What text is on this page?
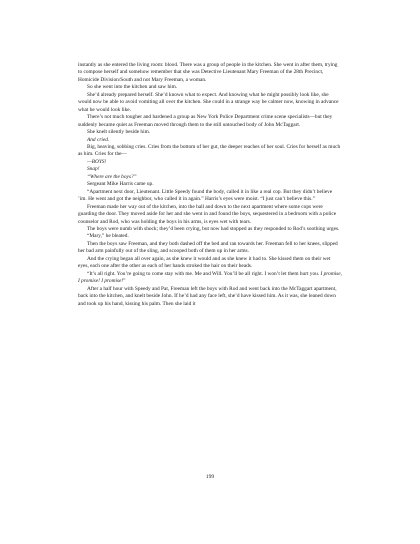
instantly as she entered the living room: blood. There was a group of people in the kitchen. She went in after them, trying to compose herself and somehow remember that she was Detective Lieutenant Mary Freeman of the 28th Precinct, Homicide Division/South and not Mary Freeman, a woman.

So she went into the kitchen and saw him.

She’d already prepared herself. She’d known what to expect. And knowing what he might possibly look like, she would now be able to avoid vomiting all over the kitchen. She could in a strange way be calmer now, knowing in advance what he would look like.

There’s not much tougher and hardened a group as New York Police Department crime scene specialists—but they suddenly became quiet as Freeman moved through them to the still untouched body of John McTaggart.

She knelt silently beside him.

And cried.

Big, heaving, sobbing cries. Cries from the bottom of her gut, the deeper reaches of her soul. Cries for herself as much as him. Cries for the—

—BOYS!

Snap!

“Where are the boys?”

Sergeant Mike Harris came up.

“Apartment next door, Lieutenant. Little Speedy found the body, called it in like a real cop. But they didn’t believe ’im. He went and got the neighbor, who called it in again.” Harris’s eyes were moist. “I just can’t believe this.”

Freeman made her way out of the kitchen, into the hall and down to the next apartment where some cops were guarding the door. They moved aside for her and she went in and found the boys, sequestered in a bedroom with a police counselor and Rod, who was holding the boys in his arms, is eyes wet with tears.

The boys were numb with shock; they’d been crying, but now had stopped as they responded to Rod’s soothing urges.

“Mary,” he bleated.

Then the boys saw Freeman, and they both dashed off the bed and ran towards her. Freeman fell to her knees, slipped her bad arm painfully out of the sling, and scooped both of them up in her arms.

And the crying began all over again, as she knew it would and as she knew it had to. She kissed them on their wet eyes, each one after the other as each of her hands stroked the hair on their heads.

“It’s all right. You’re going to come stay with me. Me and Will. You’ll be all right. I won’t let them hurt you. I promise, I promise! I promise!”

After a half hour with Speedy and Pat, Freeman left the boys with Rod and went back into the McTaggart apartment, back into the kitchen, and knelt beside John. If he’d had any face left, she’d have kissed him. As it was, she leaned down and took up his hand, kissing his palm. Then she laid it

199
